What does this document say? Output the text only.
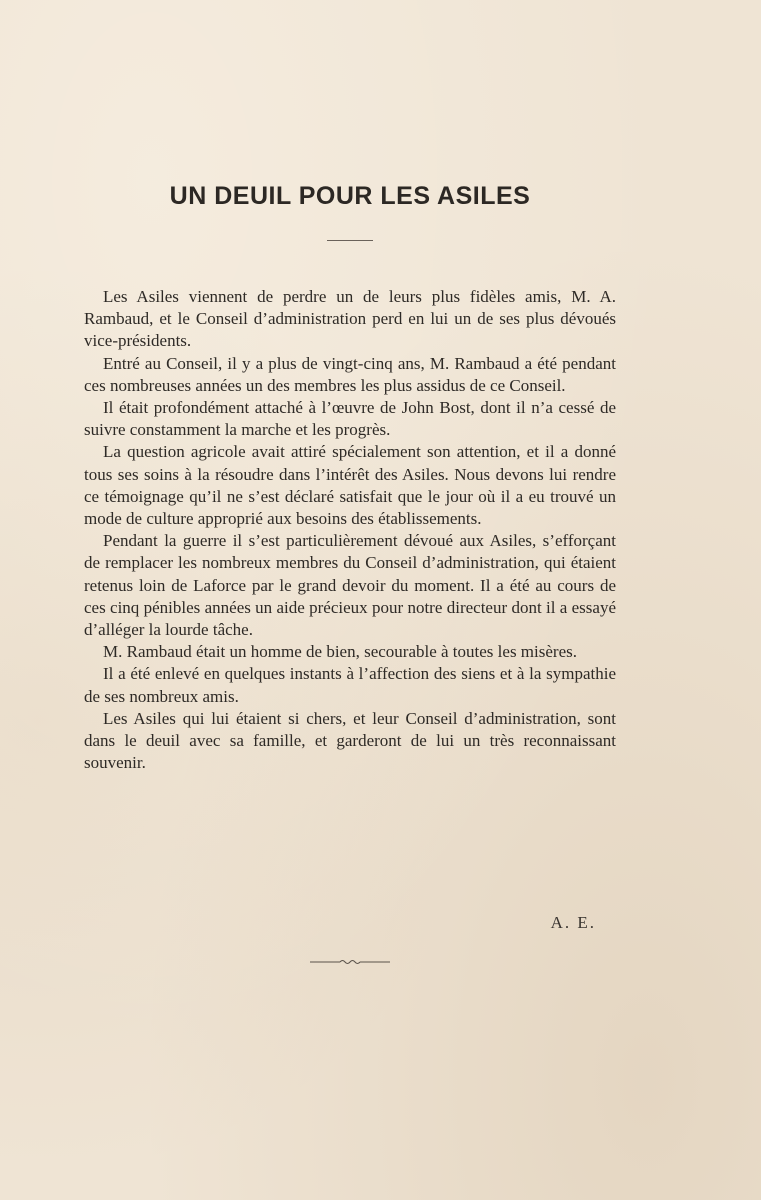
UN DEUIL POUR LES ASILES

Les Asiles viennent de perdre un de leurs plus fidèles amis, M. A. Rambaud, et le Conseil d’administration perd en lui un de ses plus dévoués vice-présidents.

Entré au Conseil, il y a plus de vingt-cinq ans, M. Rambaud a été pendant ces nombreuses années un des membres les plus assidus de ce Conseil.

Il était profondément attaché à l’œuvre de John Bost, dont il n’a cessé de suivre constamment la marche et les progrès.

La question agricole avait attiré spécialement son attention, et il a donné tous ses soins à la résoudre dans l’intérêt des Asiles. Nous devons lui rendre ce témoignage qu’il ne s’est déclaré satisfait que le jour où il a eu trouvé un mode de culture approprié aux besoins des établissements.

Pendant la guerre il s’est particulièrement dévoué aux Asiles, s’efforçant de remplacer les nombreux membres du Conseil d’administration, qui étaient retenus loin de Laforce par le grand devoir du moment. Il a été au cours de ces cinq pénibles années un aide précieux pour notre directeur dont il a essayé d’alléger la lourde tâche.

M. Rambaud était un homme de bien, secourable à toutes les misères.

Il a été enlevé en quelques instants à l’affection des siens et à la sympathie de ses nombreux amis.

Les Asiles qui lui étaient si chers, et leur Conseil d’administration, sont dans le deuil avec sa famille, et garderont de lui un très reconnaissant souvenir.

A. E.
